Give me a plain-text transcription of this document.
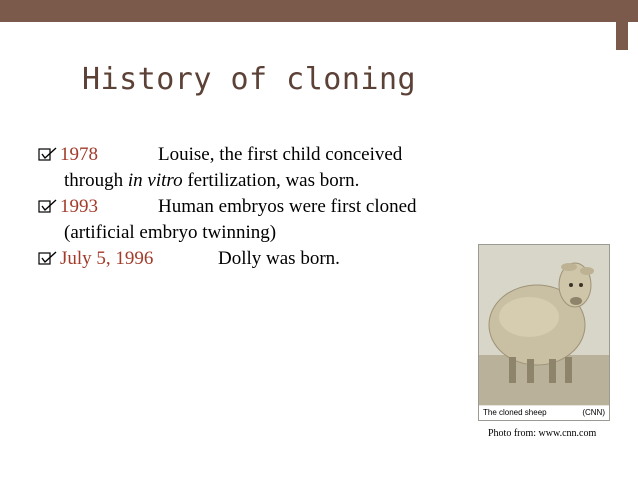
History of cloning
1978	Louise, the first child conceived
through in vitro fertilization, was born.
1993	Human embryos were first cloned
(artificial embryo twinning)
July 5, 1996	Dolly was born.
The cloned sheep	(CNN)
Photo from: www.cnn.com
